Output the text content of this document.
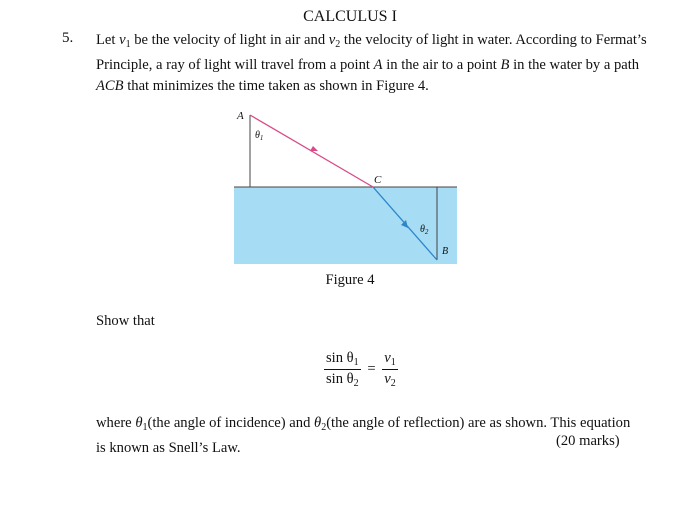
CALCULUS I
5. Let $v_1$ be the velocity of light in air and $v_2$ the velocity of light in water. According to Fermat’s Principle, a ray of light will travel from a point A in the air to a point B in the water by a path ACB that minimizes the time taken as shown in Figure 4.
A
C
B
$\theta_1$
$\theta_2$
Figure 4
Show that
$\frac{\sin \theta_1}{\sin \theta_2} = \frac{v_1}{v_2}$
where $\theta_1(the$ angle of incidence) and $\theta_2(the$ angle of reflection) are as shown. This equation is known as Snell’s Law.	(20 marks)
